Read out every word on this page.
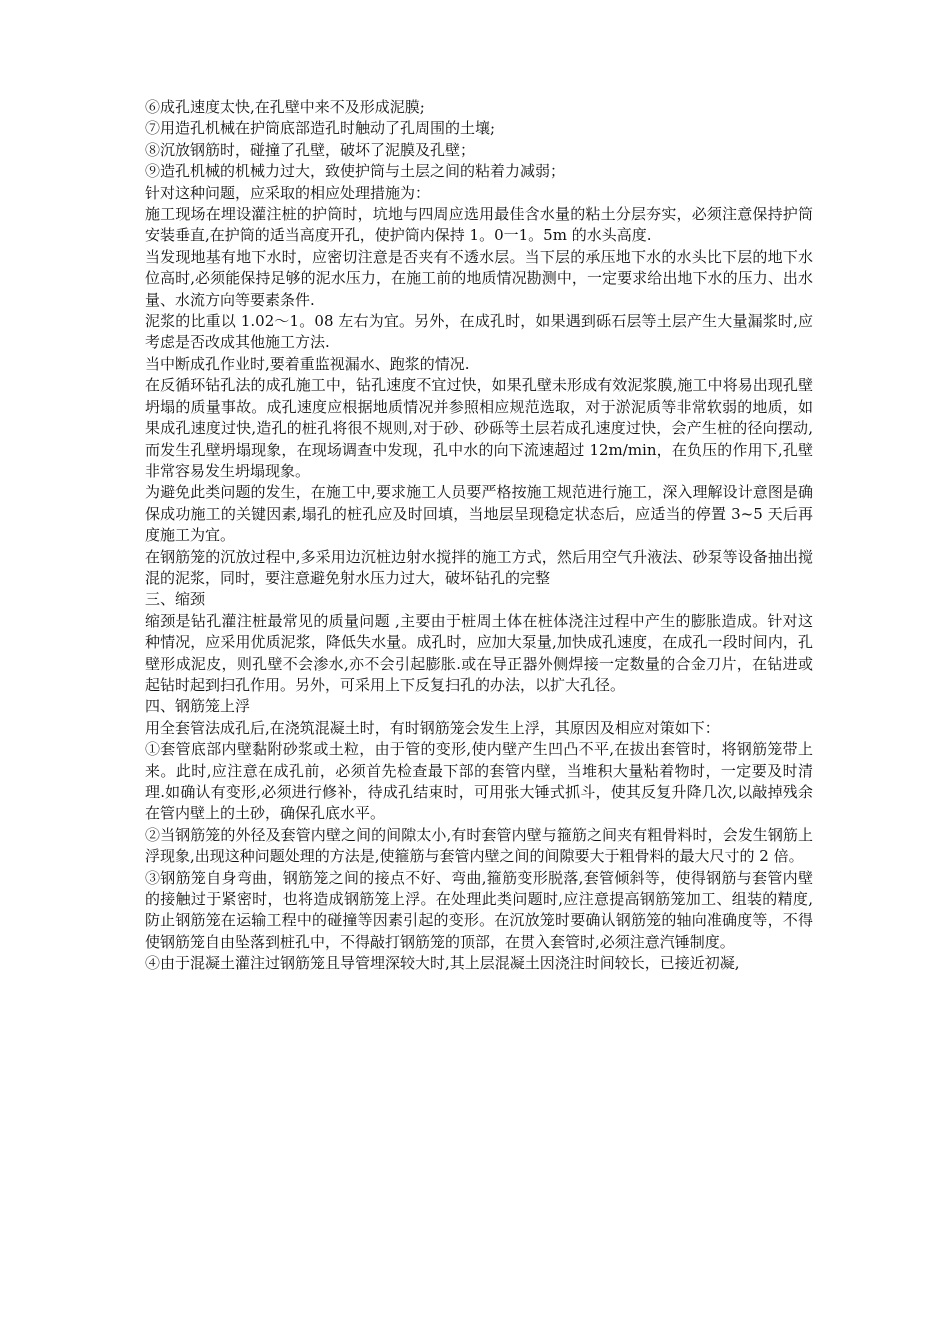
⑥成孔速度太快,在孔壁中来不及形成泥膜;

⑦用造孔机械在护筒底部造孔时触动了孔周围的土壤;

⑧沉放钢筋时，碰撞了孔壁，破坏了泥膜及孔壁；

⑨造孔机械的机械力过大，致使护筒与土层之间的粘着力减弱；

针对这种问题，应采取的相应处理措施为：

施工现场在埋设灌注桩的护筒时，坑地与四周应选用最佳含水量的粘土分层夯实，必须注意保持护筒安装垂直,在护筒的适当高度开孔，使护筒内保持 1。0一1。5m 的水头高度.

当发现地基有地下水时，应密切注意是否夹有不透水层。当下层的承压地下水的水头比下层的地下水位高时,必须能保持足够的泥水压力，在施工前的地质情况勘测中，一定要求给出地下水的压力、出水量、水流方向等要素条件.

泥浆的比重以 1.02～1。08 左右为宜。另外，在成孔时，如果遇到砾石层等土层产生大量漏浆时,应考虑是否改成其他施工方法.

当中断成孔作业时,要着重监视漏水、跑浆的情况.

在反循环钻孔法的成孔施工中，钻孔速度不宜过快，如果孔壁未形成有效泥浆膜,施工中将易出现孔壁坍塌的质量事故。成孔速度应根据地质情况并参照相应规范选取，对于淤泥质等非常软弱的地质，如果成孔速度过快,造孔的桩孔将很不规则,对于砂、砂砾等土层若成孔速度过快，会产生桩的径向摆动,而发生孔壁坍塌现象，在现场调查中发现，孔中水的向下流速超过 12m/min，在负压的作用下,孔壁非常容易发生坍塌现象。

为避免此类问题的发生，在施工中,要求施工人员要严格按施工规范进行施工，深入理解设计意图是确保成功施工的关键因素,塌孔的桩孔应及时回填，当地层呈现稳定状态后，应适当的停置 3~5 天后再度施工为宜。

在钢筋笼的沉放过程中,多采用边沉桩边射水搅拌的施工方式，然后用空气升液法、砂泵等设备抽出搅混的泥浆，同时，要注意避免射水压力过大，破坏钻孔的完整

三、缩颈

缩颈是钻孔灌注桩最常见的质量问题 ,主要由于桩周土体在桩体浇注过程中产生的膨胀造成。针对这种情况，应采用优质泥浆，降低失水量。成孔时，应加大泵量,加快成孔速度，在成孔一段时间内，孔壁形成泥皮，则孔壁不会渗水,亦不会引起膨胀.或在导正器外侧焊接一定数量的合金刀片，在钻进或起钻时起到扫孔作用。另外，可采用上下反复扫孔的办法，以扩大孔径。

四、钢筋笼上浮

用全套管法成孔后,在浇筑混凝土时，有时钢筋笼会发生上浮，其原因及相应对策如下：

①套管底部内壁黏附砂浆或土粒，由于管的变形,使内壁产生凹凸不平,在拔出套管时，将钢筋笼带上来。此时,应注意在成孔前，必须首先检查最下部的套管内壁，当堆积大量粘着物时，一定要及时清理.如确认有变形,必须进行修补，待成孔结束时，可用张大锤式抓斗，使其反复升降几次,以敲掉残余在管内壁上的土砂，确保孔底水平。

②当钢筋笼的外径及套管内壁之间的间隙太小,有时套管内壁与箍筋之间夹有粗骨料时，会发生钢筋上浮现象,出现这种问题处理的方法是,使箍筋与套管内壁之间的间隙要大于粗骨料的最大尺寸的 2 倍。

③钢筋笼自身弯曲，钢筋笼之间的接点不好、弯曲,箍筋变形脱落,套管倾斜等，使得钢筋与套管内壁的接触过于紧密时，也将造成钢筋笼上浮。在处理此类问题时,应注意提高钢筋笼加工、组装的精度,防止钢筋笼在运输工程中的碰撞等因素引起的变形。在沉放笼时要确认钢筋笼的轴向准确度等，不得使钢筋笼自由坠落到桩孔中，不得敲打钢筋笼的顶部，在贯入套管时,必须注意汽锤制度。

④由于混凝土灌注过钢筋笼且导管埋深较大时,其上层混凝土因浇注时间较长，已接近初凝,
